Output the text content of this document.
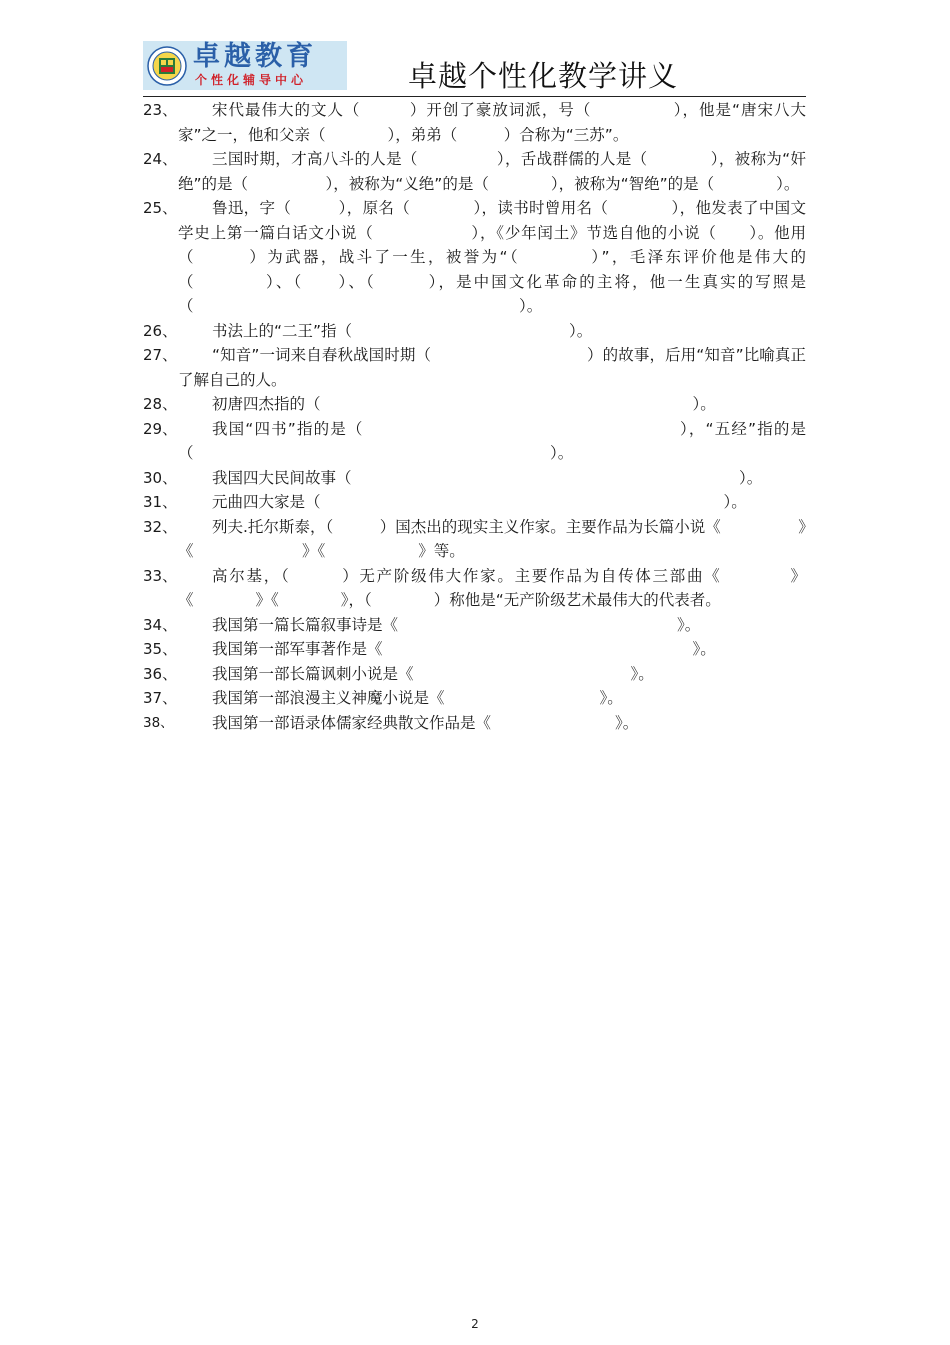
卓越教育
个性化辅导中心	卓越个性化教学讲义
23、 宋代最伟大的文人（　　　）开创了豪放词派，号（　　　　　），他是“唐宋八大家”之一，他和父亲（　　　　），弟弟（　　　）合称为“三苏”。
24、 三国时期，才高八斗的人是（　　　　　），舌战群儒的人是（　　　　），被称为“奸绝”的是（　　　　　），被称为“义绝”的是（　　　　），被称为“智绝”的是（　　　　）。
25、 鲁迅，字（　　　），原名（　　　　），读书时曾用名（　　　　），他发表了中国文学史上第一篇白话文小说（　　　　　　），《少年闰土》节选自他的小说（　　）。他用（　　　）为武器，战斗了一生，被誉为“（　　　　）”，毛泽东评价他是伟大的（　　　　）、（　　）、（　　　），是中国文化革命的主将，他一生真实的写照是（　　　　　　　　　　　　　　　　　　　　　）。
26、 书法上的“二王”指（　　　　　　　　　　　　　　）。
27、 “知音”一词来自春秋战国时期（　　　　　　　　　　）的故事，后用“知音”比喻真正了解自己的人。
28、 初唐四杰指的（　　　　　　　　　　　　　　　　　　　　　　　　）。
29、 我国“四书”指的是（　　　　　　　　　　　　　　　　　　　），“五经”指的是（　　　　　　　　　　　　　　　　　　　　　　　）。
30、 我国四大民间故事（　　　　　　　　　　　　　　　　　　　　　　　　　）。
31、 元曲四大家是（　　　　　　　　　　　　　　　　　　　　　　　　　　）。
32、 列夫.托尔斯泰，（　　　）国杰出的现实主义作家。主要作品为长篇小说《　　　　　》《　　　　　　　》《　　　　　　》等。
33、 高尔基，（　　　）无产阶级伟大作家。主要作品为自传体三部曲《　　　　》《　　　　》《　　　　》，（　　　　）称他是“无产阶级艺术最伟大的代表者。
34、 我国第一篇长篇叙事诗是《　　　　　　　　　　　　　　　　　　》。
35、 我国第一部军事著作是《　　　　　　　　　　　　　　　　　　　　》。
36、 我国第一部长篇讽刺小说是《　　　　　　　　　　　　　　》。
37、 我国第一部浪漫主义神魔小说是《　　　　　　　　　　》。
38、 我国第一部语录体儒家经典散文作品是《　　　　　　　　》。
2
